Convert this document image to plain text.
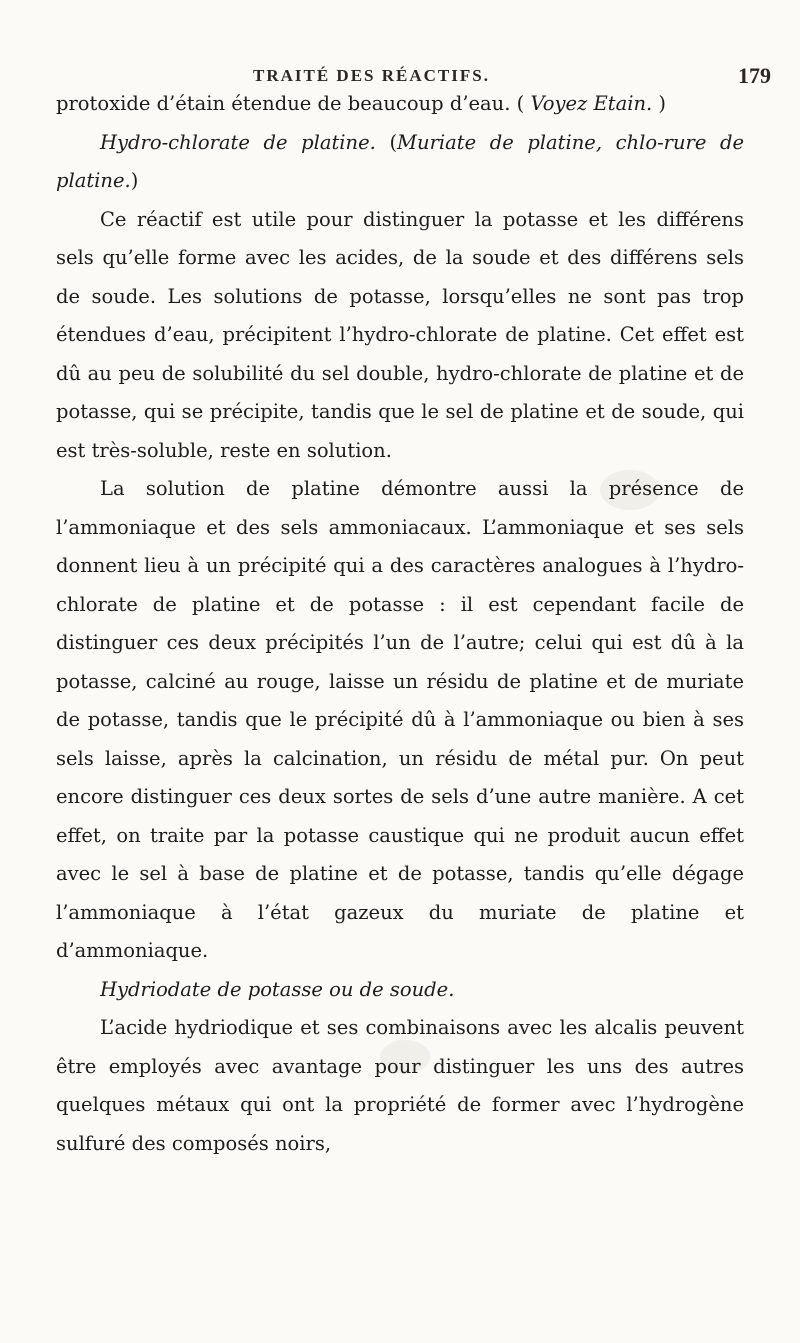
TRAITÉ DES RÉACTIFS.	179

protoxide d’étain étendue de beaucoup d’eau. ( Voyez Etain. )

Hydro-chlorate de platine. (Muriate de platine, chlo-rure de platine.)

Ce réactif est utile pour distinguer la potasse et les différens sels qu’elle forme avec les acides, de la soude et des différens sels de soude. Les solutions de potasse, lorsqu’elles ne sont pas trop étendues d’eau, précipitent l’hydro-chlorate de platine. Cet effet est dû au peu de solubilité du sel double, hydro-chlorate de platine et de potasse, qui se précipite, tandis que le sel de platine et de soude, qui est très-soluble, reste en solution.

La solution de platine démontre aussi la présence de l’ammoniaque et des sels ammoniacaux. L’ammoniaque et ses sels donnent lieu à un précipité qui a des caractères analogues à l’hydro-chlorate de platine et de potasse : il est cependant facile de distinguer ces deux précipités l’un de l’autre; celui qui est dû à la potasse, calciné au rouge, laisse un résidu de platine et de muriate de potasse, tandis que le précipité dû à l’ammoniaque ou bien à ses sels laisse, après la calcination, un résidu de métal pur. On peut encore distinguer ces deux sortes de sels d’une autre manière. A cet effet, on traite par la potasse caustique qui ne produit aucun effet avec le sel à base de platine et de potasse, tandis qu’elle dégage l’ammoniaque à l’état gazeux du muriate de platine et d’ammoniaque.

Hydriodate de potasse ou de soude.

L’acide hydriodique et ses combinaisons avec les alcalis peuvent être employés avec avantage pour distinguer les uns des autres quelques métaux qui ont la propriété de former avec l’hydrogène sulfuré des composés noirs,
